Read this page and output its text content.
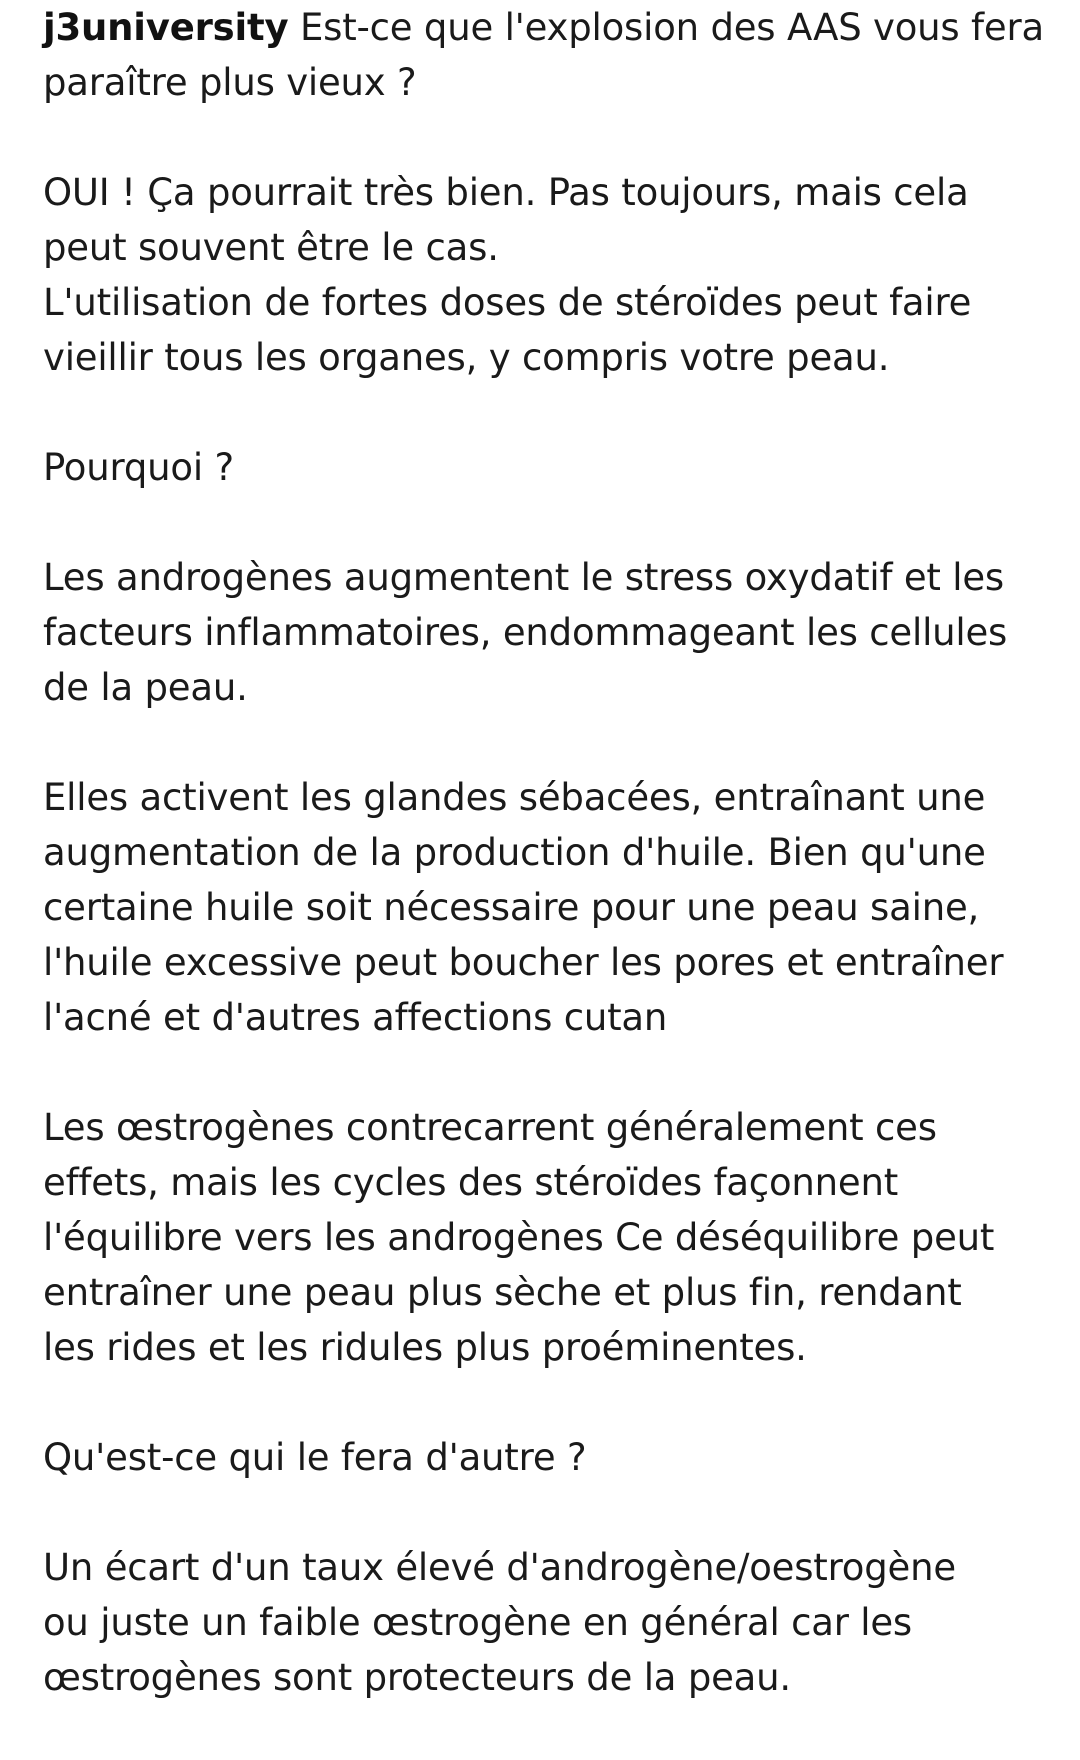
j3university Est-ce que l'explosion des AAS vous fera paraître plus vieux ?

OUI ! Ça pourrait très bien. Pas toujours, mais cela
peut souvent être le cas.
L'utilisation de fortes doses de stéroïdes peut faire
vieillir tous les organes, y compris votre peau.

Pourquoi ?

Les androgènes augmentent le stress oxydatif et les
facteurs inflammatoires, endommageant les cellules
de la peau.

Elles activent les glandes sébacées, entraînant une
augmentation de la production d'huile. Bien qu'une
certaine huile soit nécessaire pour une peau saine,
l'huile excessive peut boucher les pores et entraîner
l'acné et d'autres affections cutan

Les œstrogènes contrecarrent généralement ces
effets, mais les cycles des stéroïdes façonnent
l'équilibre vers les androgènes Ce déséquilibre peut
entraîner une peau plus sèche et plus fin, rendant
les rides et les ridules plus proéminentes.

Qu'est-ce qui le fera d'autre ?

Un écart d'un taux élevé d'androgène/oestrogène
ou juste un faible œstrogène en général car les
œstrogènes sont protecteurs de la peau.
